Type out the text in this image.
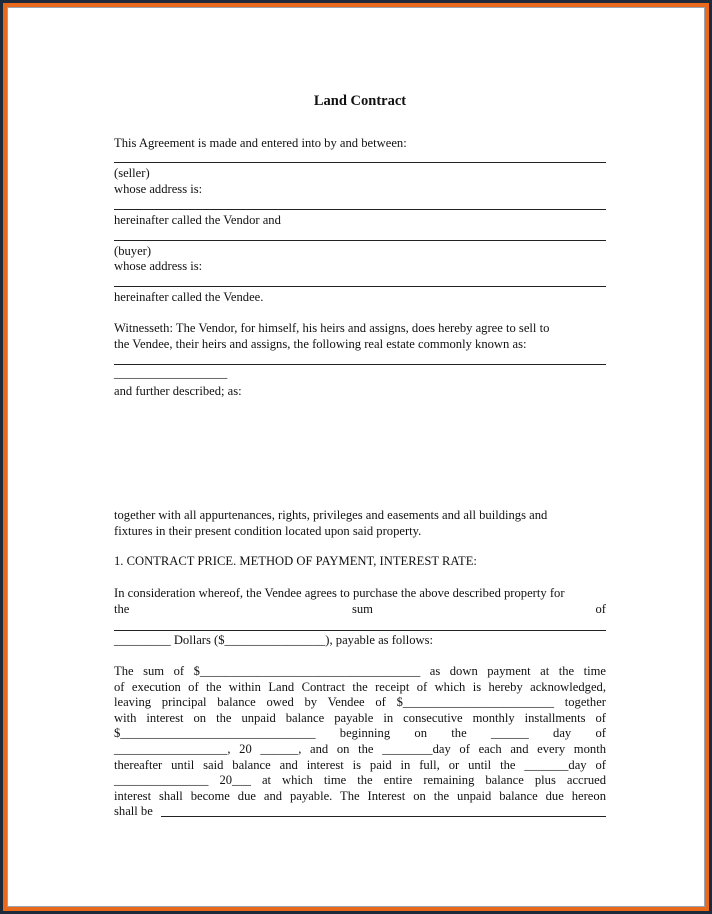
Land Contract
This Agreement is made and entered into by and between:
(seller)
whose address is:
hereinafter called the Vendor and
(buyer)
whose address is:
hereinafter called the Vendee.
Witnesseth: The Vendor, for himself, his heirs and assigns, does hereby agree to sell to
the Vendee, their heirs and assigns, the following real estate commonly known as:
__________________
and further described; as:
together with all appurtenances, rights, privileges and easements and all buildings and
fixtures in their present condition located upon said property.
1. CONTRACT PRICE. METHOD OF PAYMENT, INTEREST RATE:
In consideration whereof, the Vendee agrees to purchase the above described property for
the	sum	of
_________ Dollars ($________________), payable as follows:
The sum of $___________________________________ as down payment at the time
of execution of the within Land Contract the receipt of which is hereby acknowledged,
leaving principal balance owed by Vendee of $________________________ together
with interest on the unpaid balance payable in consecutive monthly installments of
$_______________________________ beginning on the ______ day of
__________________, 20 ______, and on the ________day of each and every month
thereafter until said balance and interest is paid in full, or until the _______day of
_______________ 20___ at which time the entire remaining balance plus accrued
interest shall become due and payable. The Interest on the unpaid balance due hereon
shall be
